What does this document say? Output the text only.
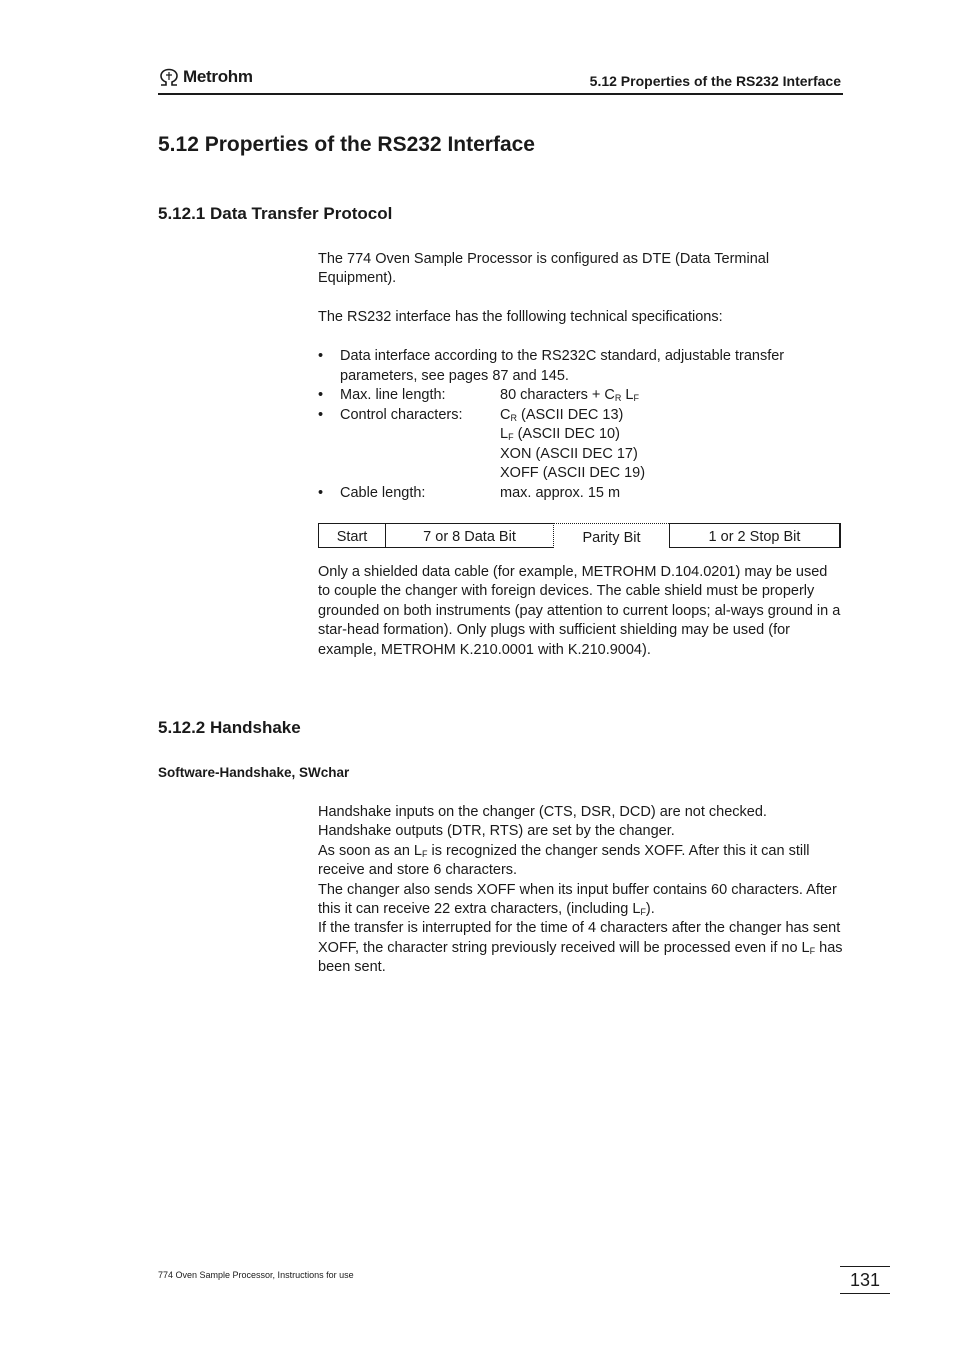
Metrohm	5.12 Properties of the RS232 Interface
5.12 Properties of the RS232 Interface
5.12.1 Data Transfer Protocol

The 774 Oven Sample Processor is configured as DTE (Data Terminal Equipment).

The RS232 interface has the folllowing technical specifications:

•	Data interface according to the RS232C standard, adjustable transfer parameters, see pages 87 and 145.
•	Max. line length:	80 characters + $C_R$ $L_F$
•	Control characters:	$C_R$ (ASCII DEC 13)
$L_F$ (ASCII DEC 10)
XON (ASCII DEC 17)
XOFF (ASCII DEC 19)
•	Cable length:	max. approx. 15 m
Start	7 or 8 Data Bit	Parity Bit	1 or 2 Stop Bit

Only a shielded data cable (for example, METROHM D.104.0201) may be used to couple the changer with foreign devices. The cable shield must be properly grounded on both instruments (pay attention to current loops; al-ways ground in a star-head formation). Only plugs with sufficient shielding may be used (for example, METROHM K.210.0001 with K.210.9004).

5.12.2 Handshake
Software-Handshake, SWchar

Handshake inputs on the changer (CTS, DSR, DCD) are not checked.

Handshake outputs (DTR, RTS) are set by the changer.

As soon as an $L_F$ is recognized the changer sends XOFF. After this it can still receive and store 6 characters.

The changer also sends XOFF when its input buffer contains 60 characters. After this it can receive 22 extra characters, (including $L_F$).

If the transfer is interrupted for the time of 4 characters after the changer has sent XOFF, the character string previously received will be processed even if no $L_F$ has been sent.

774 Oven Sample Processor, Instructions for use	131
